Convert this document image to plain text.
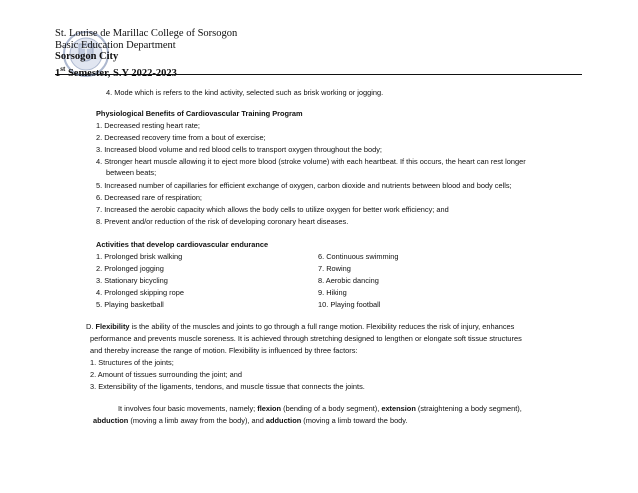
St. Louise de Marillac College of Sorsogon
Basic Education Department
Sorsogon City
1st Semester, S.Y 2022-2023
4. Mode which is refers to the kind activity, selected such as brisk working or jogging.
Physiological Benefits of Cardiovascular Training Program
1. Decreased resting heart rate;
2. Decreased recovery time from a bout of exercise;
3. Increased blood volume and red blood cells to transport oxygen throughout the body;
4. Stronger heart muscle allowing it to eject more blood (stroke volume) with each heartbeat. If this occurs, the heart can rest longer
between beats;
5. Increased number of capillaries for efficient exchange of oxygen, carbon dioxide and nutrients between blood and body cells;
6. Decreased rare of respiration;
7. Increased the aerobic capacity which allows the body cells to utilize oxygen for better work efficiency; and
8. Prevent and/or reduction of the risk of developing coronary heart diseases.
Activities that develop cardiovascular endurance
1. Prolonged brisk walking
2. Prolonged jogging
3. Stationary bicycling
4. Prolonged skipping rope
5. Playing basketball
6. Continuous swimming
7. Rowing
8. Aerobic dancing
9. Hiking
10. Playing football
D. Flexibility is the ability of the muscles and joints to go through a full range motion. Flexibility reduces the risk of injury, enhances
performance and prevents muscle soreness. It is achieved through stretching designed to lengthen or elongate soft tissue structures
and thereby increase the range of motion. Flexibility is influenced by three factors:
1. Structures of the joints;
2. Amount of tissues surrounding the joint; and
3. Extensibility of the ligaments, tendons, and muscle tissue that connects the joints.
It involves four basic movements, namely; flexion (bending of a body segment), extension (straightening a body segment),
abduction (moving a limb away from the body), and adduction (moving a limb toward the body.
